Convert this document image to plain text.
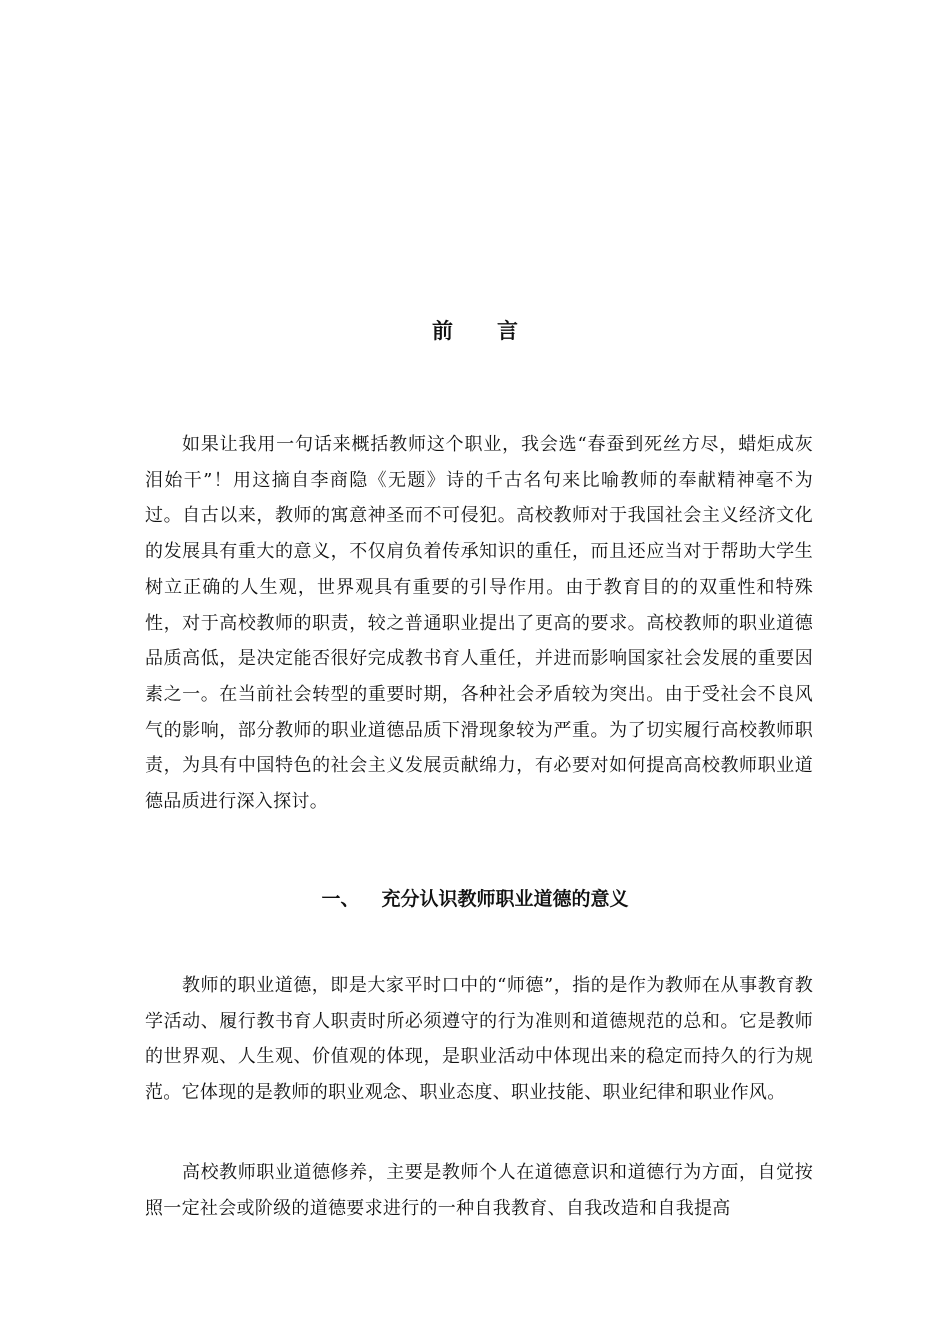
前言

如果让我用一句话来概括教师这个职业，我会选“春蚕到死丝方尽，蜡炬成灰泪始干”！用这摘自李商隐《无题》诗的千古名句来比喻教师的奉献精神毫不为过。自古以来，教师的寓意神圣而不可侵犯。高校教师对于我国社会主义经济文化的发展具有重大的意义，不仅肩负着传承知识的重任，而且还应当对于帮助大学生树立正确的人生观，世界观具有重要的引导作用。由于教育目的的双重性和特殊性，对于高校教师的职责，较之普通职业提出了更高的要求。高校教师的职业道德品质高低，是决定能否很好完成教书育人重任，并进而影响国家社会发展的重要因素之一。在当前社会转型的重要时期，各种社会矛盾较为突出。由于受社会不良风气的影响，部分教师的职业道德品质下滑现象较为严重。为了切实履行高校教师职责，为具有中国特色的社会主义发展贡献绵力，有必要对如何提高高校教师职业道德品质进行深入探讨。

一、 充分认识教师职业道德的意义

教师的职业道德，即是大家平时口中的“师德”，指的是作为教师在从事教育教学活动、履行教书育人职责时所必须遵守的行为准则和道德规范的总和。它是教师的世界观、人生观、价值观的体现，是职业活动中体现出来的稳定而持久的行为规范。它体现的是教师的职业观念、职业态度、职业技能、职业纪律和职业作风。

高校教师职业道德修养，主要是教师个人在道德意识和道德行为方面，自觉按照一定社会或阶级的道德要求进行的一种自我教育、自我改造和自我提高
